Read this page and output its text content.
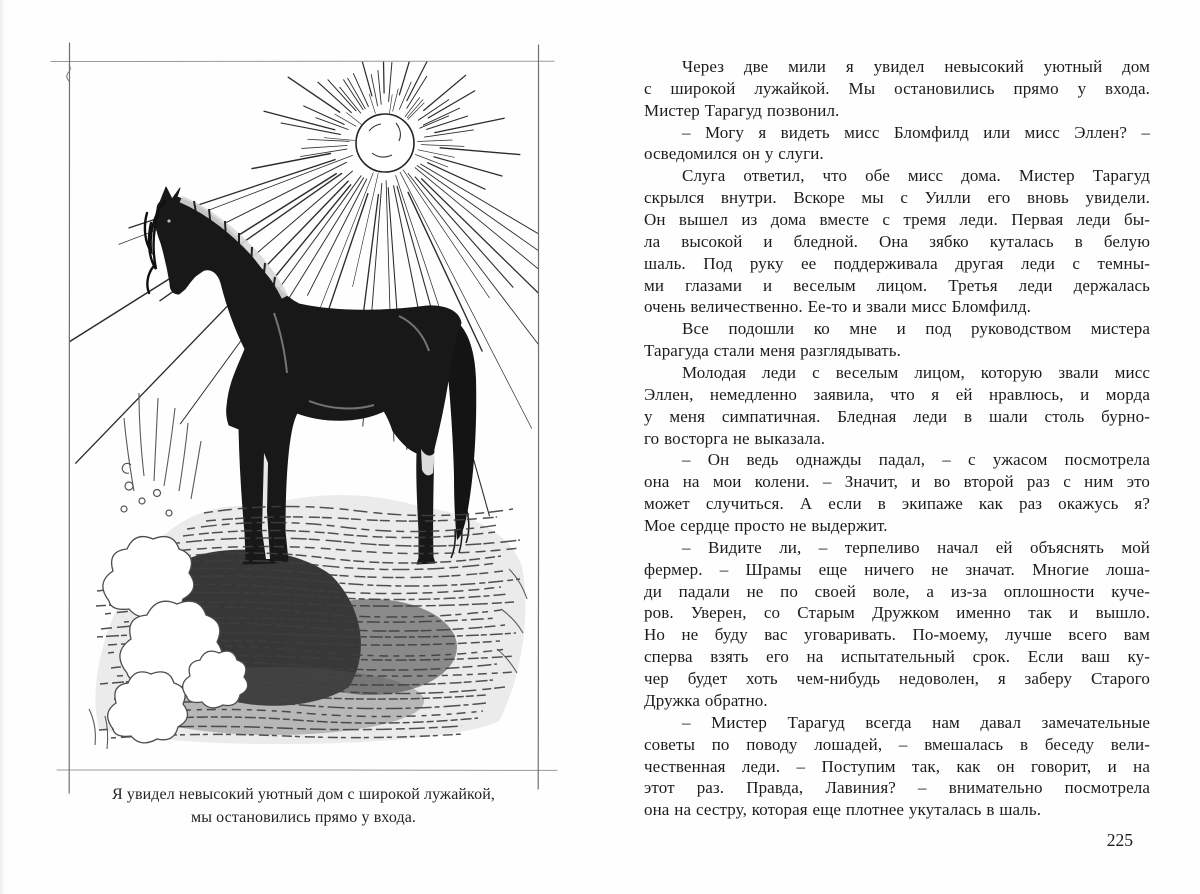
Я увидел невысокий уютный дом с широкой лужайкой,
мы остановились прямо у входа.
Через две мили я увидел невысокий уютный дом
с широкой лужайкой. Мы остановились прямо у входа.
Мистер Тарагуд позвонил.
– Могу я видеть мисс Бломфилд или мисс Эллен? –
осведомился он у слуги.
Слуга ответил, что обе мисс дома. Мистер Тарагуд
скрылся внутри. Вскоре мы с Уилли его вновь увидели.
Он вышел из дома вместе с тремя леди. Первая леди бы-
ла высокой и бледной. Она зябко куталась в белую
шаль. Под руку ее поддерживала другая леди с темны-
ми глазами и веселым лицом. Третья леди держалась
очень величественно. Ее-то и звали мисс Бломфилд.
Все подошли ко мне и под руководством мистера
Тарагуда стали меня разглядывать.
Молодая леди с веселым лицом, которую звали мисс
Эллен, немедленно заявила, что я ей нравлюсь, и морда
у меня симпатичная. Бледная леди в шали столь бурно-
го восторга не выказала.
– Он ведь однажды падал, – с ужасом посмотрела
она на мои колени. – Значит, и во второй раз с ним это
может случиться. А если в экипаже как раз окажусь я?
Мое сердце просто не выдержит.
– Видите ли, – терпеливо начал ей объяснять мой
фермер. – Шрамы еще ничего не значат. Многие лоша-
ди падали не по своей воле, а из-за оплошности куче-
ров. Уверен, со Старым Дружком именно так и вышло.
Но не буду вас уговаривать. По-моему, лучше всего вам
сперва взять его на испытательный срок. Если ваш ку-
чер будет хоть чем-нибудь недоволен, я заберу Старого
Дружка обратно.
– Мистер Тарагуд всегда нам давал замечательные
советы по поводу лошадей, – вмешалась в беседу вели-
чественная леди. – Поступим так, как он говорит, и на
этот раз. Правда, Лавиния? – внимательно посмотрела
она на сестру, которая еще плотнее укуталась в шаль.
225
